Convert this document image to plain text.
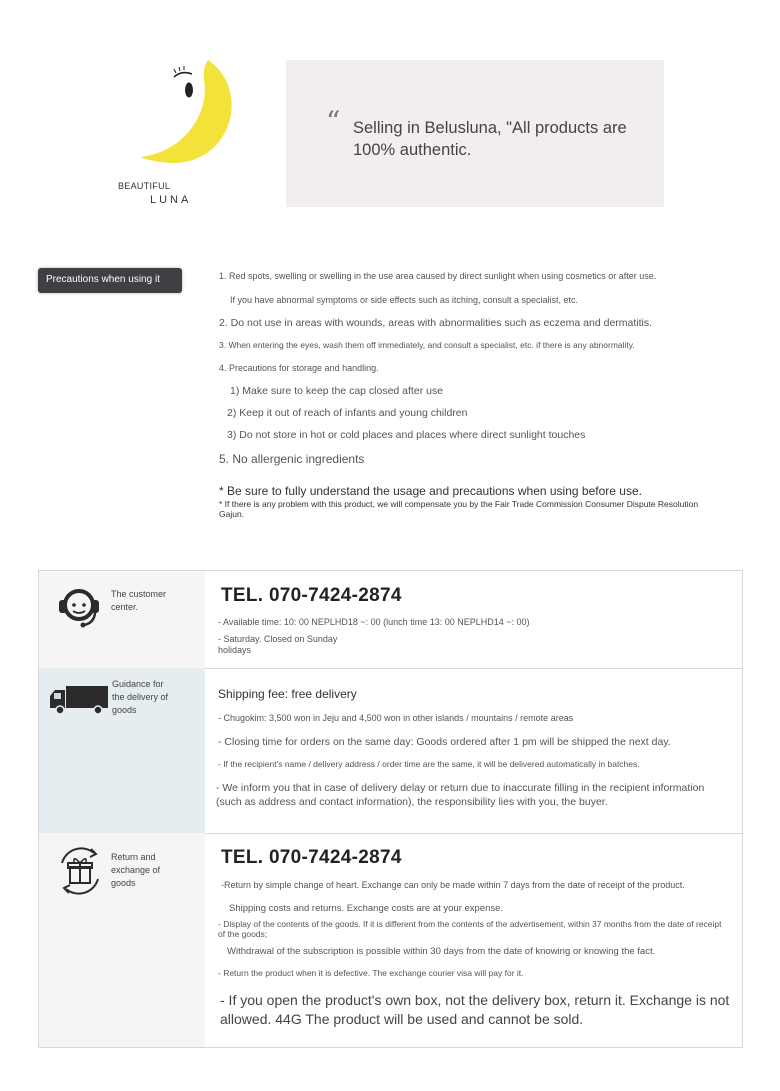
BEAUTIFUL
LUNA
“ Selling in Belusluna, "All products are 100% authentic.
Precautions when using it	1. Red spots, swelling or swelling in the use area caused by direct sunlight when using cosmetics or after use.
If you have abnormal symptoms or side effects such as itching, consult a specialist, etc.
2. Do not use in areas with wounds, areas with abnormalities such as eczema and dermatitis.
3. When entering the eyes, wash them off immediately, and consult a specialist, etc. if there is any abnormality.
4. Precautions for storage and handling.
1) Make sure to keep the cap closed after use
2) Keep it out of reach of infants and young children
3) Do not store in hot or cold places and places where direct sunlight touches
5. No allergenic ingredients
* Be sure to fully understand the usage and precautions when using before use.
* If there is any problem with this product, we will compensate you by the Fair Trade Commission Consumer Dispute Resolution Gajun.
The customer center.
TEL. 070-7424-2874
- Available time: 10: 00 NEPLHD18 ~: 00 (lunch time 13: 00 NEPLHD14 ~: 00)
- Saturday. Closed on Sunday holidays
Guidance for the delivery of goods
Shipping fee: free delivery
- Chugokim: 3,500 won in Jeju and 4,500 won in other islands / mountains / remote areas
- Closing time for orders on the same day: Goods ordered after 1 pm will be shipped the next day.
- If the recipient's name / delivery address / order time are the same, it will be delivered automatically in batches.
- We inform you that in case of delivery delay or return due to inaccurate filling in the recipient information (such as address and contact information), the responsibility lies with you, the buyer.
Return and exchange of goods
TEL. 070-7424-2874
-Return by simple change of heart. Exchange can only be made within 7 days from the date of receipt of the product.
Shipping costs and returns. Exchange costs are at your expense.
- Display of the contents of the goods. If it is different from the contents of the advertisement, within 37 months from the date of receipt of the goods;
Withdrawal of the subscription is possible within 30 days from the date of knowing or knowing the fact.
- Return the product when it is defective. The exchange courier visa will pay for it.
- If you open the product's own box, not the delivery box, return it. Exchange is not allowed. 44G The product will be used and cannot be sold.
